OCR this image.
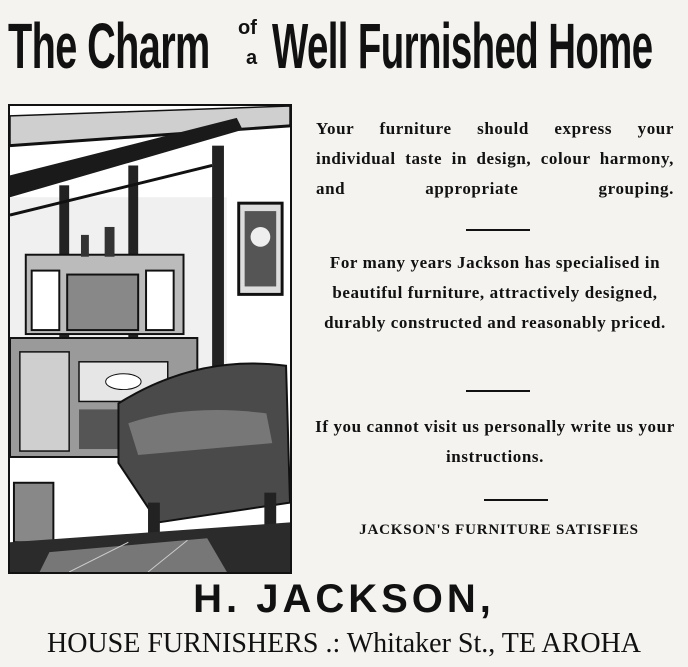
The Charm of
a Well Furnished Home
Your furniture should express your individual taste in design, colour harmony, and appropriate grouping.
For many years Jackson has specialised in beautiful furniture, attractively designed, durably constructed and reasonably priced.
If you cannot visit us personally write us your instructions.
JACKSON'S FURNITURE SATISFIES
H. JACKSON,
HOUSE FURNISHERS .: Whitaker St., TE AROHA
